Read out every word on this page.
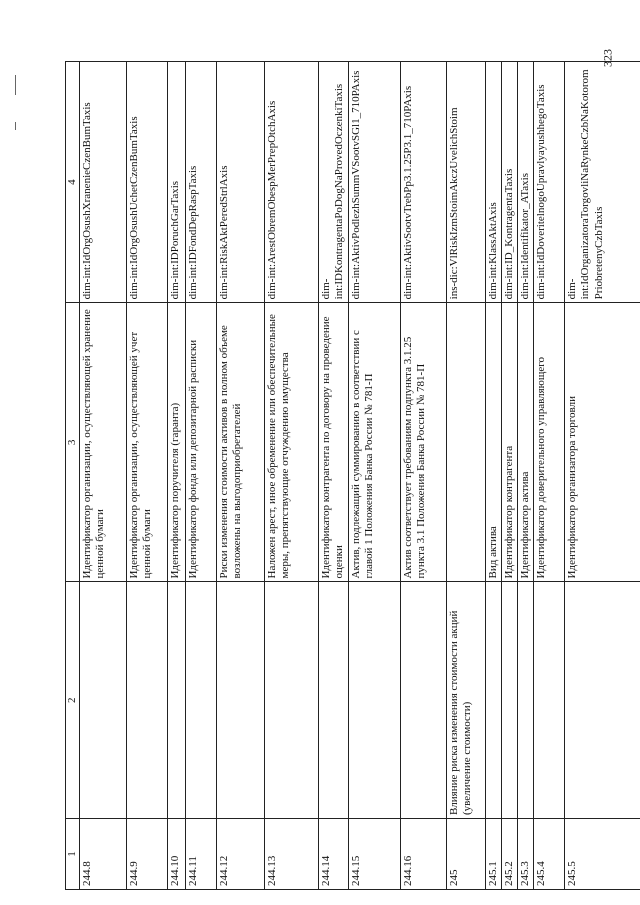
323
1	2	3	4
244.8		Идентификатор организации, осуществляющей хранение ценной бумаги	dim-int:IdOrgOsushXranenieCzenBumTaxis
244.9		Идентификатор организации, осуществляющей учет ценной бумаги	dim-int:IdOrgOsushUchetCzenBumTaxis
244.10		Идентификатор поручителя (гаранта)	dim-int:IDPoruchGarTaxis
244.11		Идентификатор фонда или депозитарной расписки	dim-int:IDFondDepRaspTaxis
244.12		Риски изменения стоимости активов в полном объеме возложены на выгодоприобретателей	dim-int:RiskAktPeredStrlAxis
244.13		Наложен арест, иное обременение или обеспечительные меры, препятствующие отчуждению имущества	dim-int:ArestObremObespMerPrepOtchAxis
244.14		Идентификатор контрагента по договору на проведение оценки	dim-int:IDKontragentaPoDogNaProvedOczenkiTaxis
244.15		Актив, подлежащий суммированию в соответствии с главой 1 Положения Банка России № 781-П	dim-int:AktivPodlezhSummVSootvSGl1_710PAxis
244.16		Актив соответствует требованиям подпункта 3.1.25 пункта 3.1 Положения Банка России № 781-П	dim-int:AktivSootvTrebPp3.1.25P3.1_710PAxis
245	Влияние риска изменения стоимости акций (увеличение стоимости)		ins-dic:VlRiskIzmStoimAkczUvelichStoim
245.1		Вид актива	dim-int:KlassAktAxis
245.2		Идентификатор контрагента	dim-int:ID_KontragentaTaxis
245.3		Идентификатор актива	dim-int:Identifikator_ATaxis
245.4		Идентификатор доверительного управляющего	dim-int:IdDoveritelnogoUpravlyayushhegoTaxis
245.5		Идентификатор организатора торговли	dim-int:IdOrganizatoraTorgovliNaRynkeCzbNaKotoromPriobretenyCzbTaxis
